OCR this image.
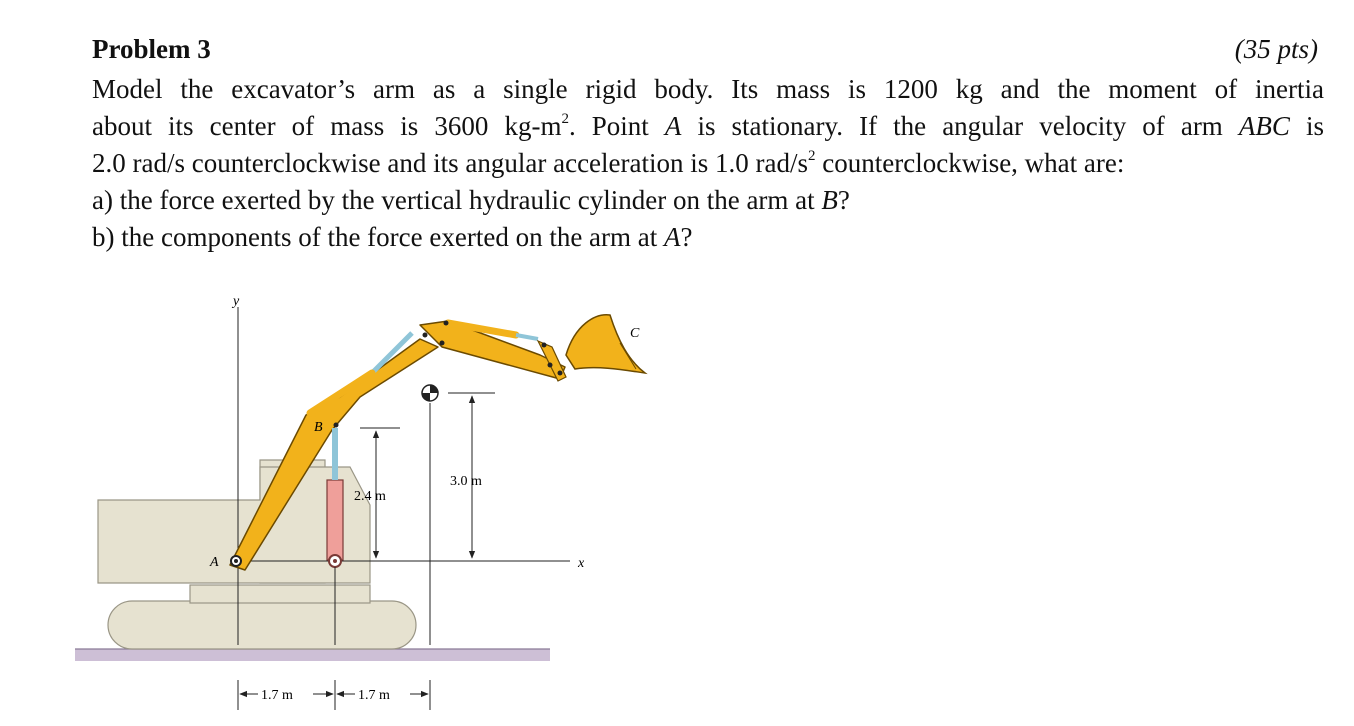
Problem 3	(35 pts)
Model the excavator’s arm as a single rigid body. Its mass is 1200 kg and the moment of inertia
about its center of mass is 3600 $kg-m^2$. Point A is stationary. If the angular velocity of arm ABC is
2.0 rad/s counterclockwise and its angular acceleration is 1.0 rad/$s^2$ counterclockwise, what are:
a) the force exerted by the vertical hydraulic cylinder on the arm at B?
b) the components of the force exerted on the arm at A?
y
x
A
B
C
2.4 m
3.0 m
1.7 m	1.7 m
